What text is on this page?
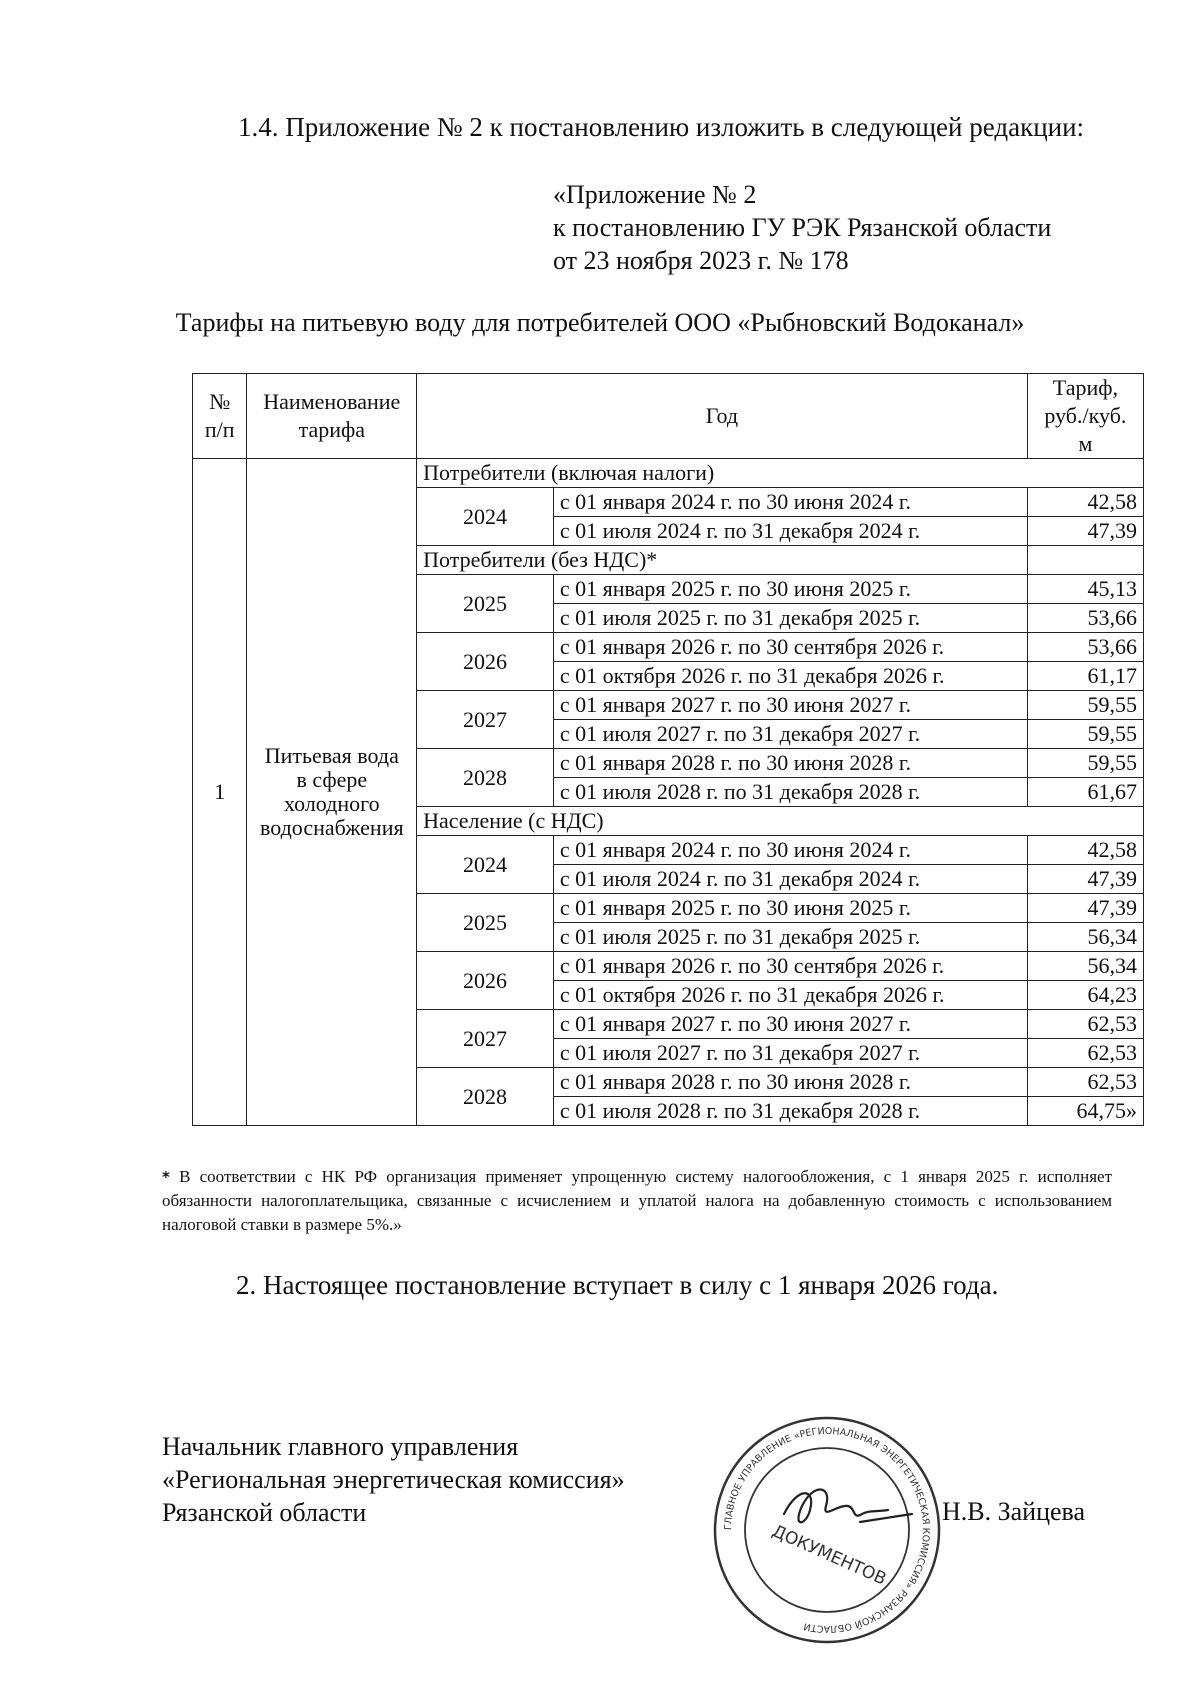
1.4. Приложение № 2 к постановлению изложить в следующей редакции:
«Приложение № 2
к постановлению ГУ РЭК Рязанской области
от 23 ноября 2023 г. № 178
Тарифы на питьевую воду для потребителей ООО «Рыбновский Водоканал»
№
п/п	Наименование
тарифа	Год		Тариф,
руб./куб.
м
1	Питьевая вода
в сфере
холодного
водоснабжения	Потребители (включая налоги)		
		2024	с 01 января 2024 г. по 30 июня 2024 г.	42,58
			с 01 июля 2024 г. по 31 декабря 2024 г.	47,39
		Потребители (без НДС)*		
		2025	с 01 января 2025 г. по 30 июня 2025 г.	45,13
			с 01 июля 2025 г. по 31 декабря 2025 г.	53,66
		2026	с 01 января 2026 г. по 30 сентября 2026 г.	53,66
			с 01 октября 2026 г. по 31 декабря 2026 г.	61,17
		2027	с 01 января 2027 г. по 30 июня 2027 г.	59,55
			с 01 июля 2027 г. по 31 декабря 2027 г.	59,55
		2028	с 01 января 2028 г. по 30 июня 2028 г.	59,55
			с 01 июля 2028 г. по 31 декабря 2028 г.	61,67
		Население (с НДС)		
		2024	с 01 января 2024 г. по 30 июня 2024 г.	42,58
			с 01 июля 2024 г. по 31 декабря 2024 г.	47,39
		2025	с 01 января 2025 г. по 30 июня 2025 г.	47,39
			с 01 июля 2025 г. по 31 декабря 2025 г.	56,34
		2026	с 01 января 2026 г. по 30 сентября 2026 г.	56,34
			с 01 октября 2026 г. по 31 декабря 2026 г.	64,23
		2027	с 01 января 2027 г. по 30 июня 2027 г.	62,53
			с 01 июля 2027 г. по 31 декабря 2027 г.	62,53
		2028	с 01 января 2028 г. по 30 июня 2028 г.	62,53
			с 01 июля 2028 г. по 31 декабря 2028 г.	64,75»
* В соответствии с НК РФ организация применяет упрощенную систему налогообложения, с 1 января 2025 г. исполняет обязанности налогоплательщика, связанные с исчислением и уплатой налога на добавленную стоимость с использованием налоговой ставки в размере 5%.»
2. Настоящее постановление вступает в силу с 1 января 2026 года.
Начальник главного управления
«Региональная энергетическая комиссия»
Рязанской области
ГЛАВНОЕ УПРАВЛЕНИЕ «РЕГИОНАЛЬНАЯ ЭНЕРГЕТИЧЕСКАЯ КОМИССИЯ» РЯЗАНСКОЙ ОБЛАСТИ
ДОКУМЕНТОВ
Н.В. Зайцева
